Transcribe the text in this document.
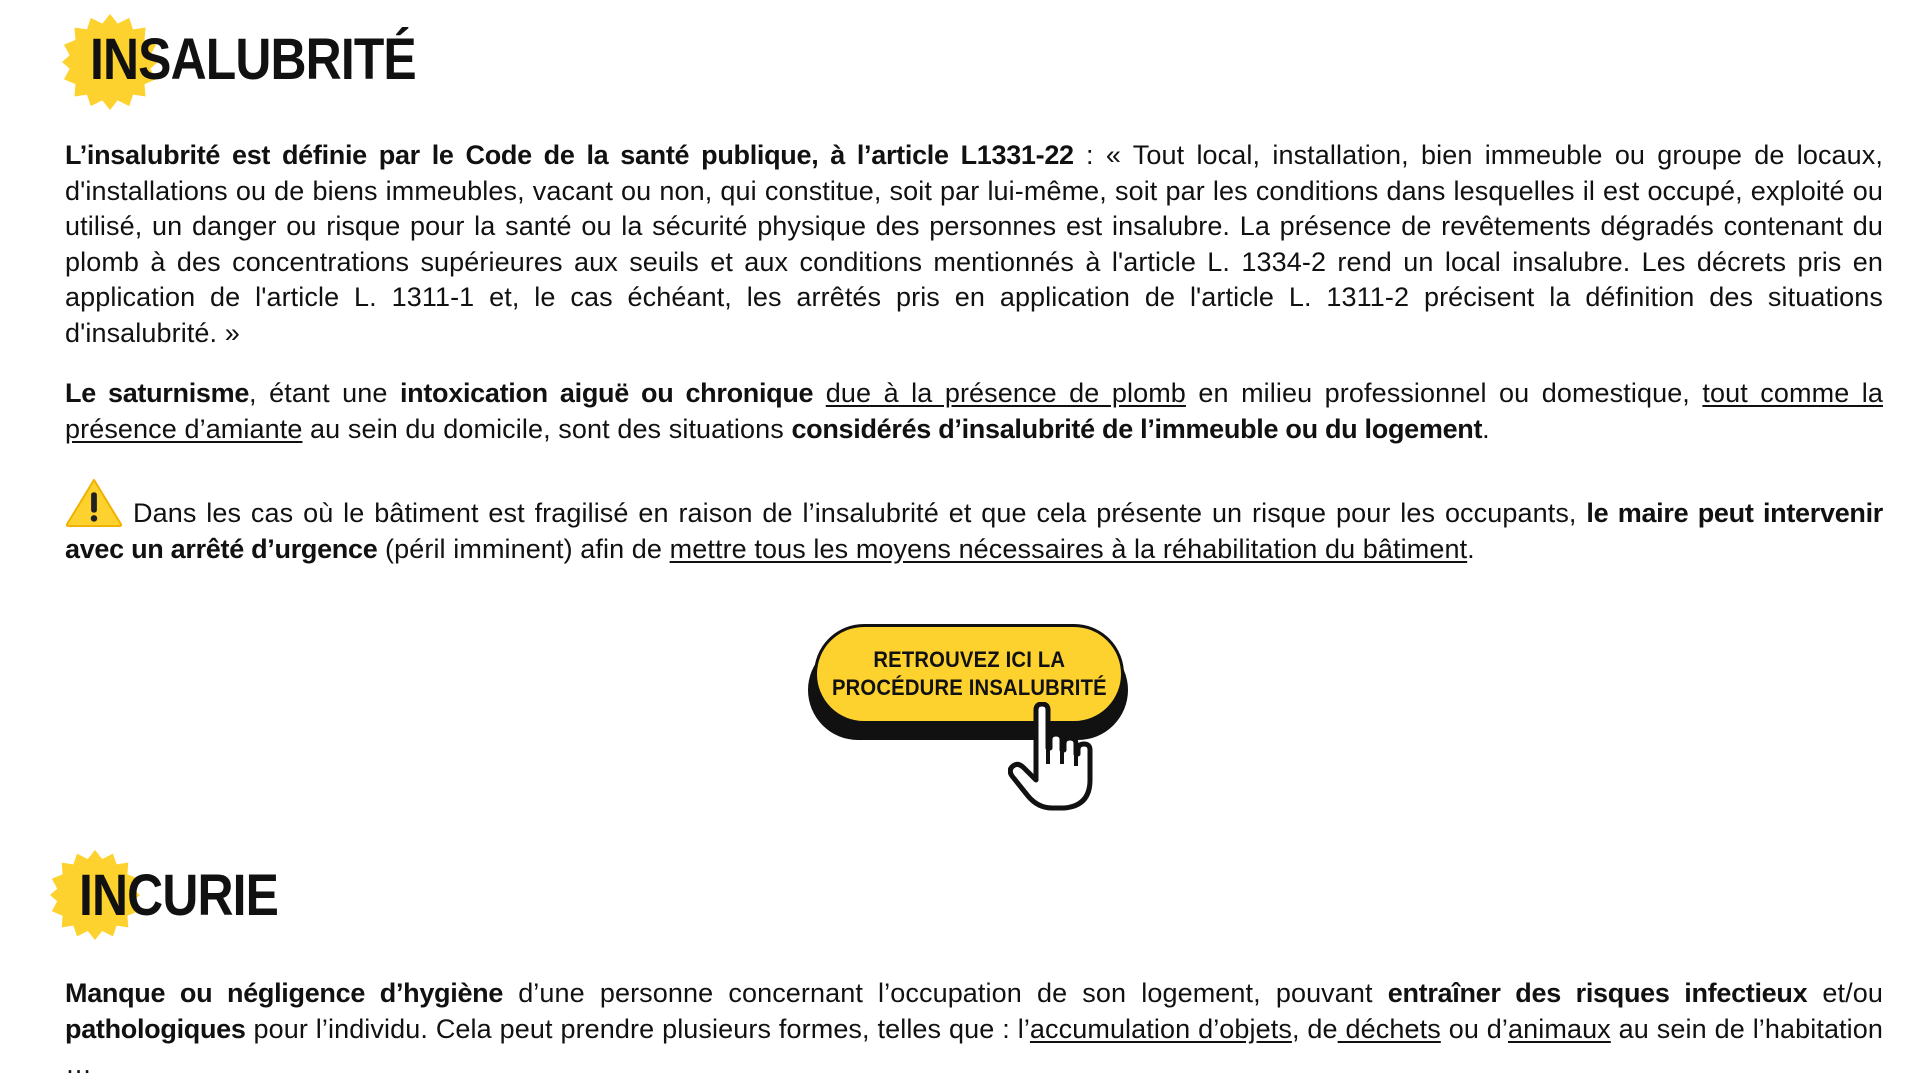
INSALUBRITÉ
L’insalubrité est définie par le Code de la santé publique, à l’article L1331-22 : « Tout local, installation, bien immeuble ou groupe de locaux, d'installations ou de biens immeubles, vacant ou non, qui constitue, soit par lui-même, soit par les conditions dans lesquelles il est occupé, exploité ou utilisé, un danger ou risque pour la santé ou la sécurité physique des personnes est insalubre. La présence de revêtements dégradés contenant du plomb à des concentrations supérieures aux seuils et aux conditions mentionnés à l'article L. 1334-2 rend un local insalubre. Les décrets pris en application de l'article L. 1311-1 et, le cas échéant, les arrêtés pris en application de l'article L. 1311-2 précisent la définition des situations d'insalubrité. »
Le saturnisme, étant une intoxication aiguë ou chronique due à la présence de plomb en milieu professionnel ou domestique, tout comme la présence d’amiante au sein du domicile, sont des situations considérés d’insalubrité de l’immeuble ou du logement.
Dans les cas où le bâtiment est fragilisé en raison de l’insalubrité et que cela présente un risque pour les occupants, le maire peut intervenir avec un arrêté d’urgence (péril imminent) afin de mettre tous les moyens nécessaires à la réhabilitation du bâtiment.
RETROUVEZ ICI LA
PROCÉDURE INSALUBRITÉ
INCURIE
Manque ou négligence d’hygiène d’une personne concernant l’occupation de son logement, pouvant entraîner des risques infectieux et/ou pathologiques pour l’individu. Cela peut prendre plusieurs formes, telles que : l’accumulation d’objets, de déchets ou d’animaux au sein de l’habitation …
